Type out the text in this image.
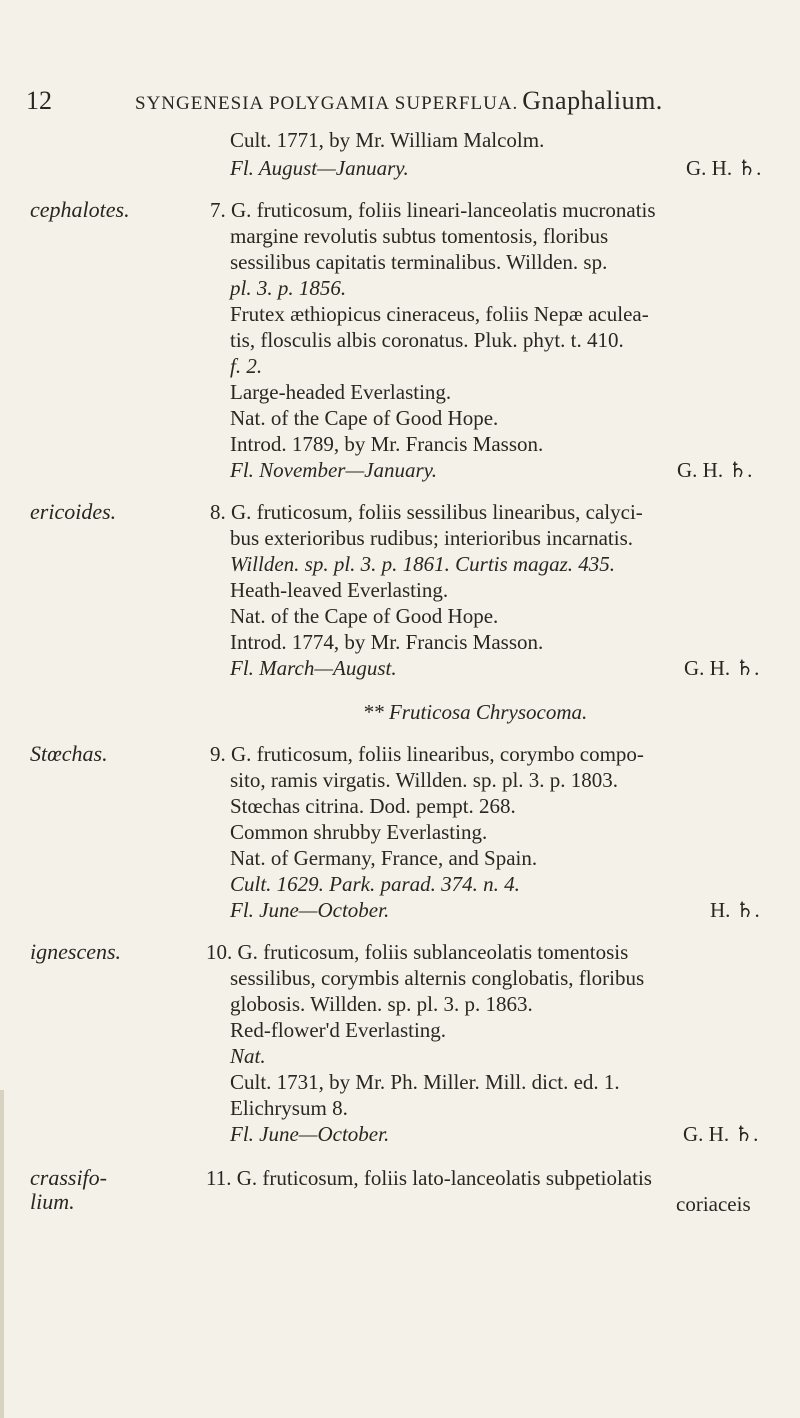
12	SYNGENESIA POLYGAMIA SUPERFLUA. Gnaphalium.
Cult. 1771, by Mr. William Malcolm.
Fl. August—January.	G. H. ♄.
cephalotes.	7. G. fruticosum, foliis lineari-lanceolatis mucronatis
margine revolutis subtus tomentosis, floribus
sessilibus capitatis terminalibus. Willden. sp.
pl. 3. p. 1856.
Frutex æthiopicus cineraceus, foliis Nepæ aculea-
tis, flosculis albis coronatus. Pluk. phyt. t. 410.
f. 2.
Large-headed Everlasting.
Nat. of the Cape of Good Hope.
Introd. 1789, by Mr. Francis Masson.
Fl. November—January.	G. H. ♄.
ericoides.	8. G. fruticosum, foliis sessilibus linearibus, calyci-
bus exterioribus rudibus; interioribus incarnatis.
Willden. sp. pl. 3. p. 1861. Curtis magaz. 435.
Heath-leaved Everlasting.
Nat. of the Cape of Good Hope.
Introd. 1774, by Mr. Francis Masson.
Fl. March—August.	G. H. ♄.
** Fruticosa Chrysocoma.
Stœchas.	9. G. fruticosum, foliis linearibus, corymbo compo-
sito, ramis virgatis. Willden. sp. pl. 3. p. 1803.
Stœchas citrina. Dod. pempt. 268.
Common shrubby Everlasting.
Nat. of Germany, France, and Spain.
Cult. 1629. Park. parad. 374. n. 4.
Fl. June—October.	H. ♄.
ignescens.	10. G. fruticosum, foliis sublanceolatis tomentosis
sessilibus, corymbis alternis conglobatis, floribus
globosis. Willden. sp. pl. 3. p. 1863.
Red-flower'd Everlasting.
Nat.
Cult. 1731, by Mr. Ph. Miller. Mill. dict. ed. 1.
Elichrysum 8.
Fl. June—October.	G. H. ♄.
crassifo- lium.
11. G. fruticosum, foliis lato-lanceolatis subpetiolatis
coriaceis
